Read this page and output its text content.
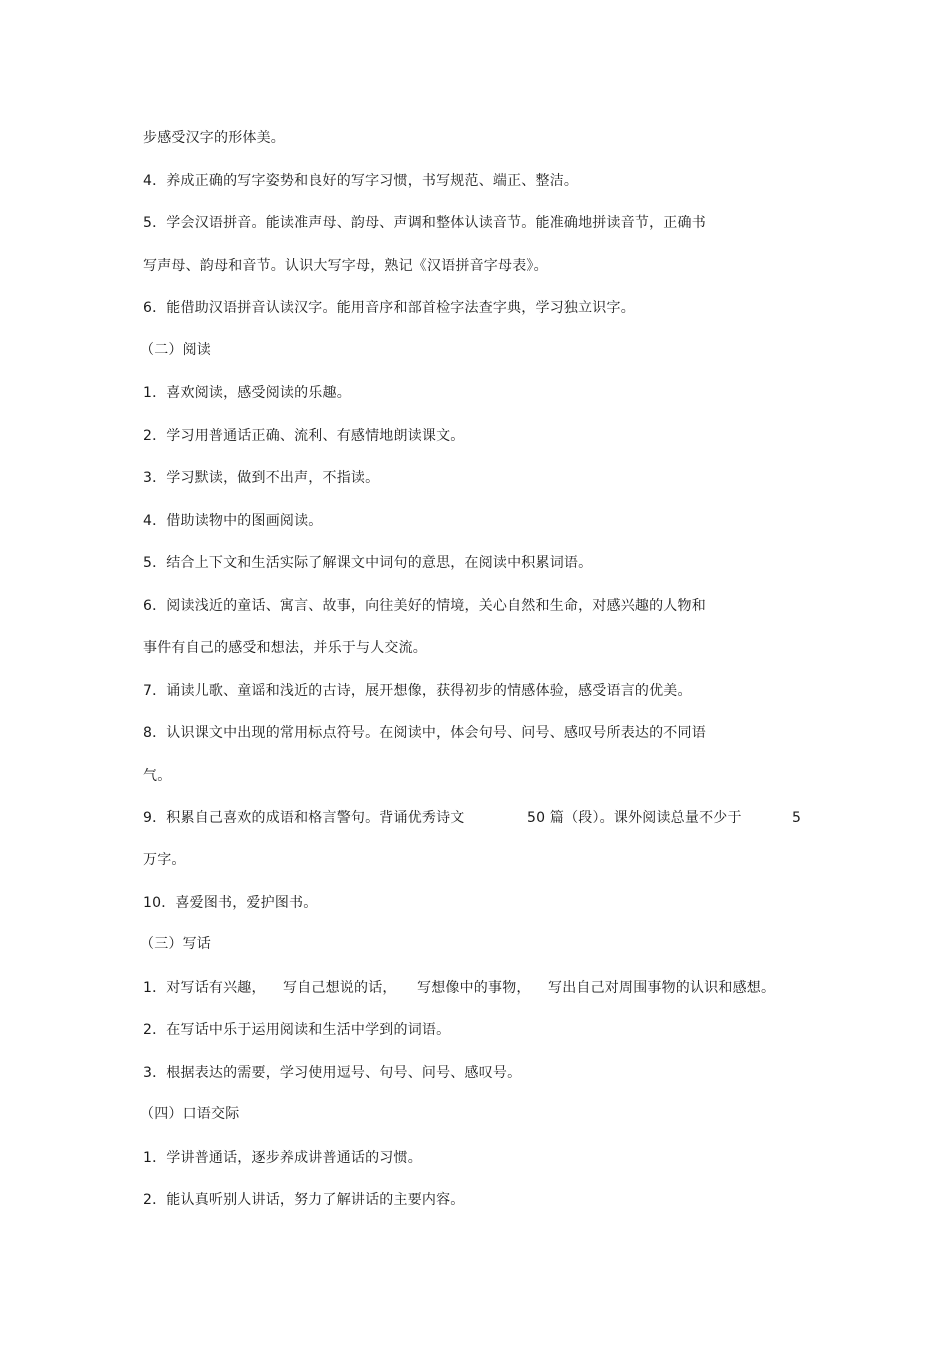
步感受汉字的形体美。
4．养成正确的写字姿势和良好的写字习惯，书写规范、端正、整洁。
5．学会汉语拼音。能读准声母、韵母、声调和整体认读音节。能准确地拼读音节，正确书
写声母、韵母和音节。认识大写字母，熟记《汉语拼音字母表》。
6．能借助汉语拼音认读汉字。能用音序和部首检字法查字典，学习独立识字。
（二）阅读
1．喜欢阅读，感受阅读的乐趣。
2．学习用普通话正确、流利、有感情地朗读课文。
3．学习默读，做到不出声，不指读。
4．借助读物中的图画阅读。
5．结合上下文和生活实际了解课文中词句的意思，在阅读中积累词语。
6．阅读浅近的童话、寓言、故事，向往美好的情境，关心自然和生命，对感兴趣的人物和
事件有自己的感受和想法，并乐于与人交流。
7．诵读儿歌、童谣和浅近的古诗，展开想像，获得初步的情感体验，感受语言的优美。
8．认识课文中出现的常用标点符号。在阅读中，体会句号、问号、感叹号所表达的不同语
气。
9．积累自己喜欢的成语和格言警句。背诵优秀诗文	50 篇（段）。课外阅读总量不少于	5
万字。
10．喜爱图书，爱护图书。
（三）写话
1．对写话有兴趣， 写自己想说的话， 写想像中的事物， 写出自己对周围事物的认识和感想。
2．在写话中乐于运用阅读和生活中学到的词语。
3．根据表达的需要，学习使用逗号、句号、问号、感叹号。
（四）口语交际
1．学讲普通话，逐步养成讲普通话的习惯。
2．能认真听别人讲话，努力了解讲话的主要内容。
